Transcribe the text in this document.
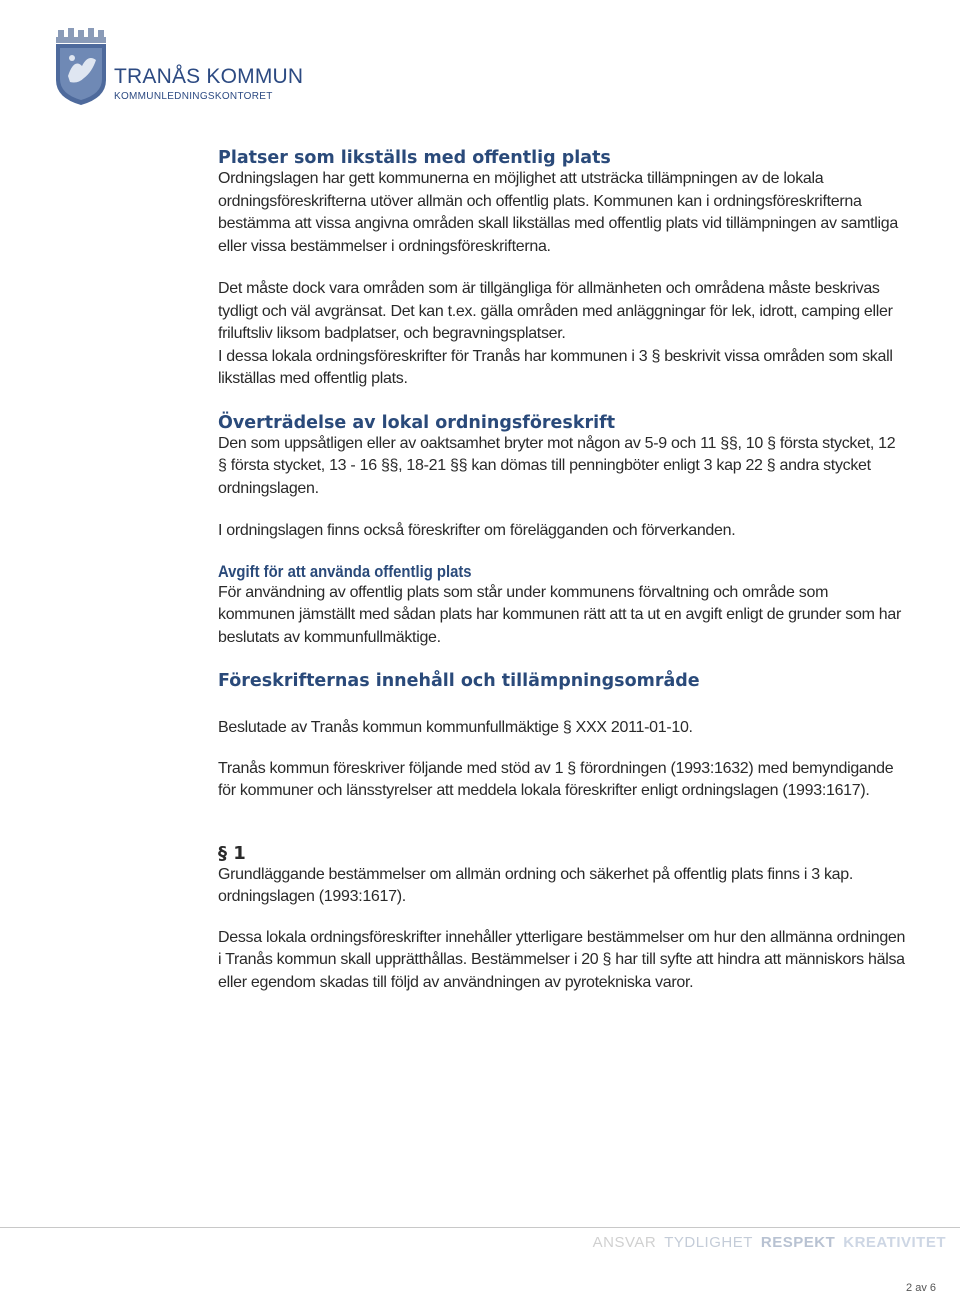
TRANÅS KOMMUN
KOMMUNLEDNINGSKONTORET
Platser som likställs med offentlig plats

Ordningslagen har gett kommunerna en möjlighet att utsträcka tillämpningen av de lokala ordningsföreskrifterna utöver allmän och offentlig plats. Kommunen kan i ordningsföreskrifterna bestämma att vissa angivna områden skall likställas med offentlig plats vid tillämpningen av samtliga eller vissa bestämmelser i ordningsföreskrifterna.

Det måste dock vara områden som är tillgängliga för allmänheten och områdena måste beskrivas tydligt och väl avgränsat. Det kan t.ex. gälla områden med anläggningar för lek, idrott, camping eller friluftsliv liksom badplatser, och begravningsplatser.

I dessa lokala ordningsföreskrifter för Tranås har kommunen i 3 § beskrivit vissa områden som skall likställas med offentlig plats.

Överträdelse av lokal ordningsföreskrift

Den som uppsåtligen eller av oaktsamhet bryter mot någon av 5-9 och 11 §§, 10 § första stycket, 12 § första stycket, 13 - 16 §§, 18-21 §§ kan dömas till penningböter enligt 3 kap 22 § andra stycket ordningslagen.

I ordningslagen finns också föreskrifter om förelägganden och förverkanden.

Avgift för att använda offentlig plats

För användning av offentlig plats som står under kommunens förvaltning och område som kommunen jämställt med sådan plats har kommunen rätt att ta ut en avgift enligt de grunder som har beslutats av kommunfullmäktige.

Föreskrifternas innehåll och tillämpningsområde

Beslutade av Tranås kommun kommunfullmäktige § XXX 2011-01-10.

Tranås kommun föreskriver följande med stöd av 1 § förordningen (1993:1632) med bemyndigande för kommuner och länsstyrelser att meddela lokala föreskrifter enligt ordningslagen (1993:1617).

§ 1

Grundläggande bestämmelser om allmän ordning och säkerhet på offentlig plats finns i 3 kap. ordningslagen (1993:1617).

Dessa lokala ordningsföreskrifter innehåller ytterligare bestämmelser om hur den allmänna ordningen i Tranås kommun skall upprätthållas. Bestämmelser i 20 § har till syfte att hindra att människors hälsa eller egendom skadas till följd av användningen av pyrotekniska varor.

ANSVAR TYDLIGHET RESPEKT KREATIVITET
2 av 6
